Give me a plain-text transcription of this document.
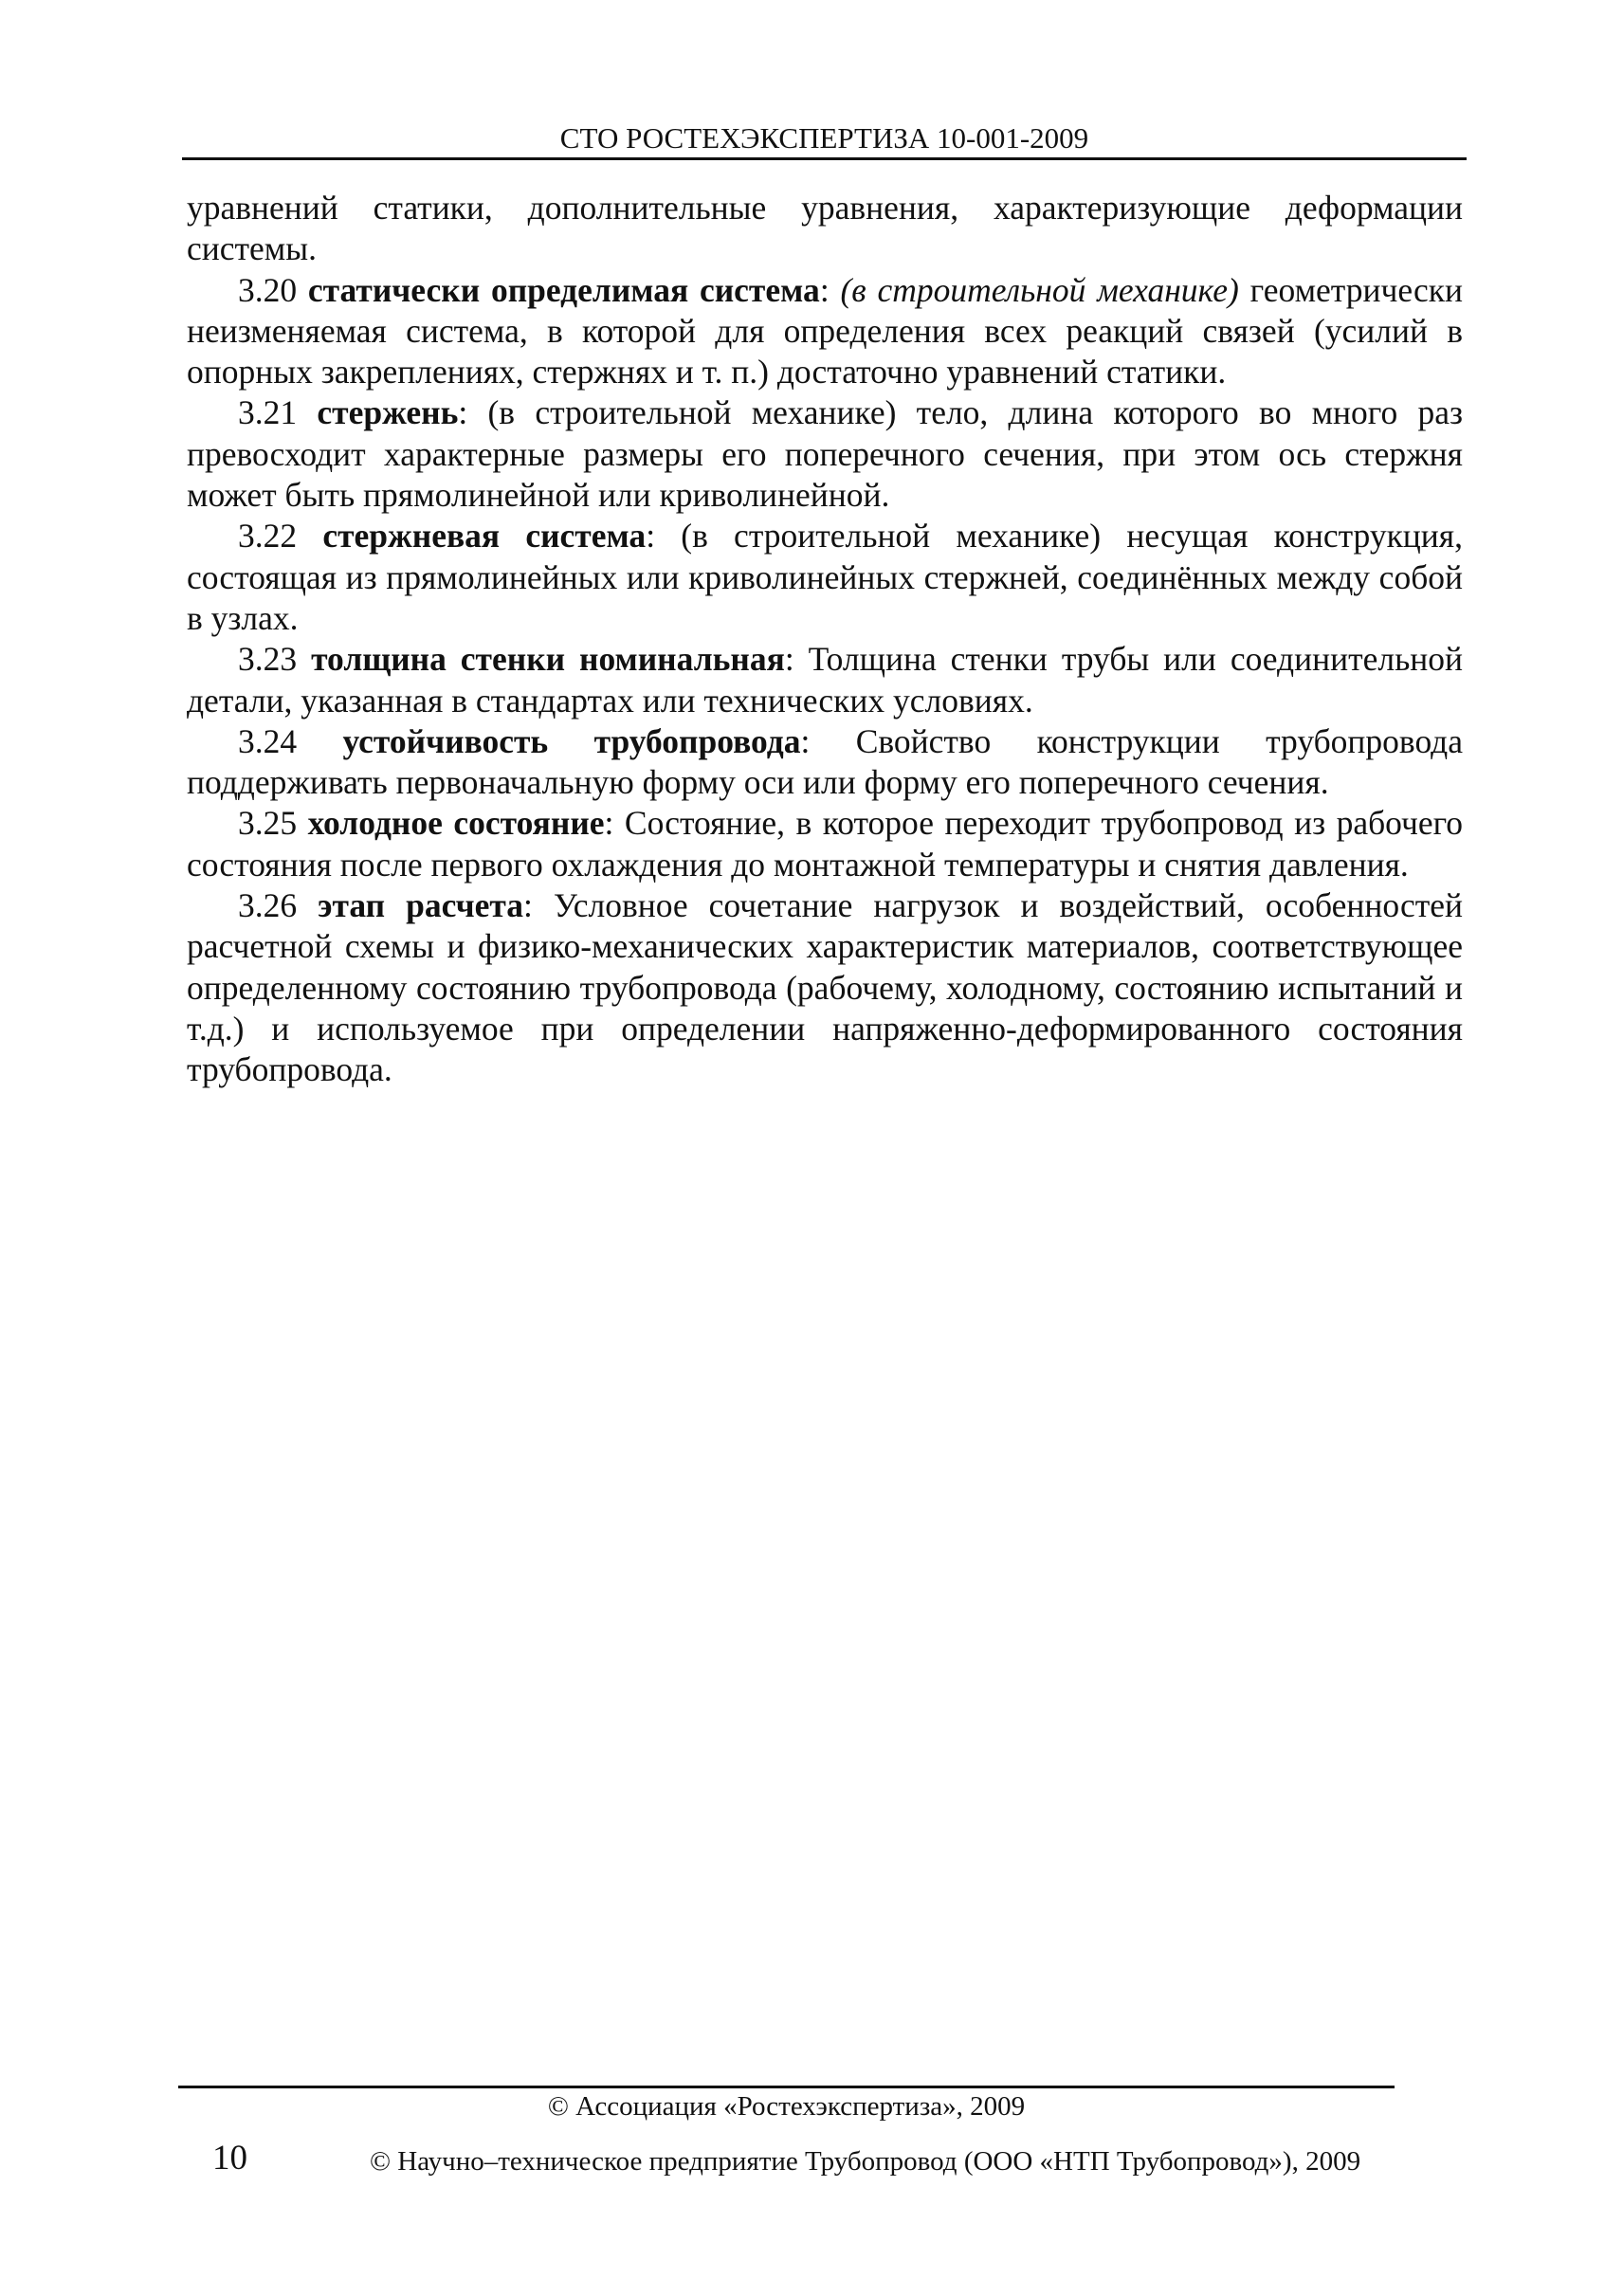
СТО РОСТЕХЭКСПЕРТИЗА 10-001-2009

уравнений статики, дополнительные уравнения, характеризующие деформации системы.

3.20 статически определимая система: (в строительной механике) геометрически неизменяемая система, в которой для определения всех реакций связей (усилий в опорных закреплениях, стержнях и т. п.) достаточно уравнений статики.

3.21 стержень: (в строительной механике) тело, длина которого во много раз превосходит характерные размеры его поперечного сечения, при этом ось стержня может быть прямолинейной или криволинейной.

3.22 стержневая система: (в строительной механике) несущая конструкция, состоящая из прямолинейных или криволинейных стержней, соединённых между собой в узлах.

3.23 толщина стенки номинальная: Толщина стенки трубы или соединительной детали, указанная в стандартах или технических условиях.

3.24 устойчивость трубопровода: Свойство конструкции трубопровода поддерживать первоначальную форму оси или форму его поперечного сечения.

3.25 холодное состояние: Состояние, в которое переходит трубопровод из рабочего состояния после первого охлаждения до монтажной температуры и снятия давления.

3.26 этап расчета: Условное сочетание нагрузок и воздействий, особенностей расчетной схемы и физико-механических характеристик материалов, соответствующее определенному состоянию трубопровода (рабочему, холодному, состоянию испытаний и т.д.) и используемое при определении напряженно-деформированного состояния трубопровода.

© Ассоциация «Ростехэкспертиза», 2009
10	© Научно–техническое предприятие Трубопровод (ООО «НТП Трубопровод»), 2009
